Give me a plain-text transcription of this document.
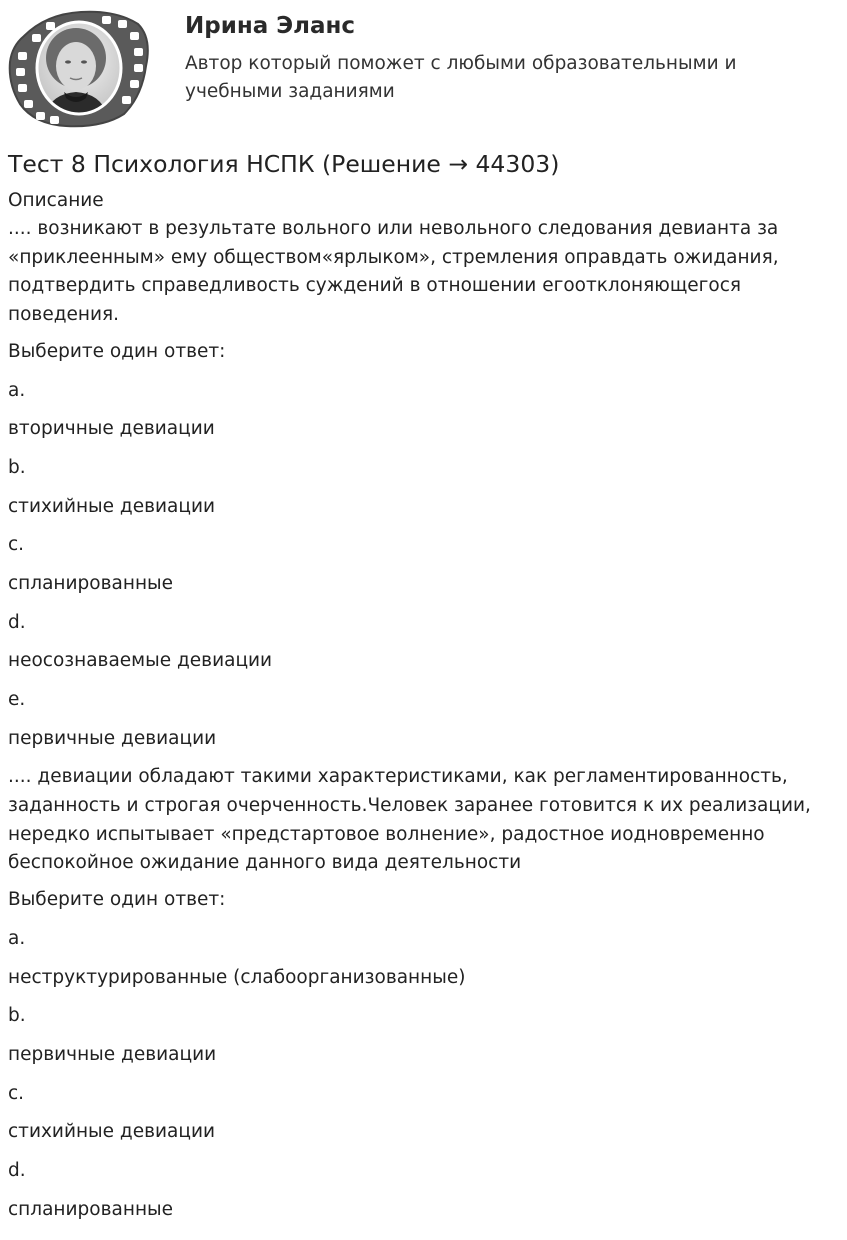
Ирина Эланс
Автор который поможет с любыми образовательными и учебными заданиями
Тест 8 Психология НСПК (Решение → 44303)
Описание
.... возникают в результате вольного или невольного следования девианта за «приклеенным» ему обществом«ярлыком», стремления оправдать ожидания, подтвердить справедливость суждений в отношении егоотклоняющегося поведения.
Выберите один ответ:
a.
вторичные девиации
b.
стихийные девиации
c.
спланированные
d.
неосознаваемые девиации
e.
первичные девиации
.... девиации обладают такими характеристиками, как регламентированность, заданность и строгая очерченность.Человек заранее готовится к их реализации, нередко испытывает «предстартовое волнение», радостное иодновременно беспокойное ожидание данного вида деятельности
Выберите один ответ:
a.
неструктурированные (слабоорганизованные)
b.
первичные девиации
c.
стихийные девиации
d.
спланированные
